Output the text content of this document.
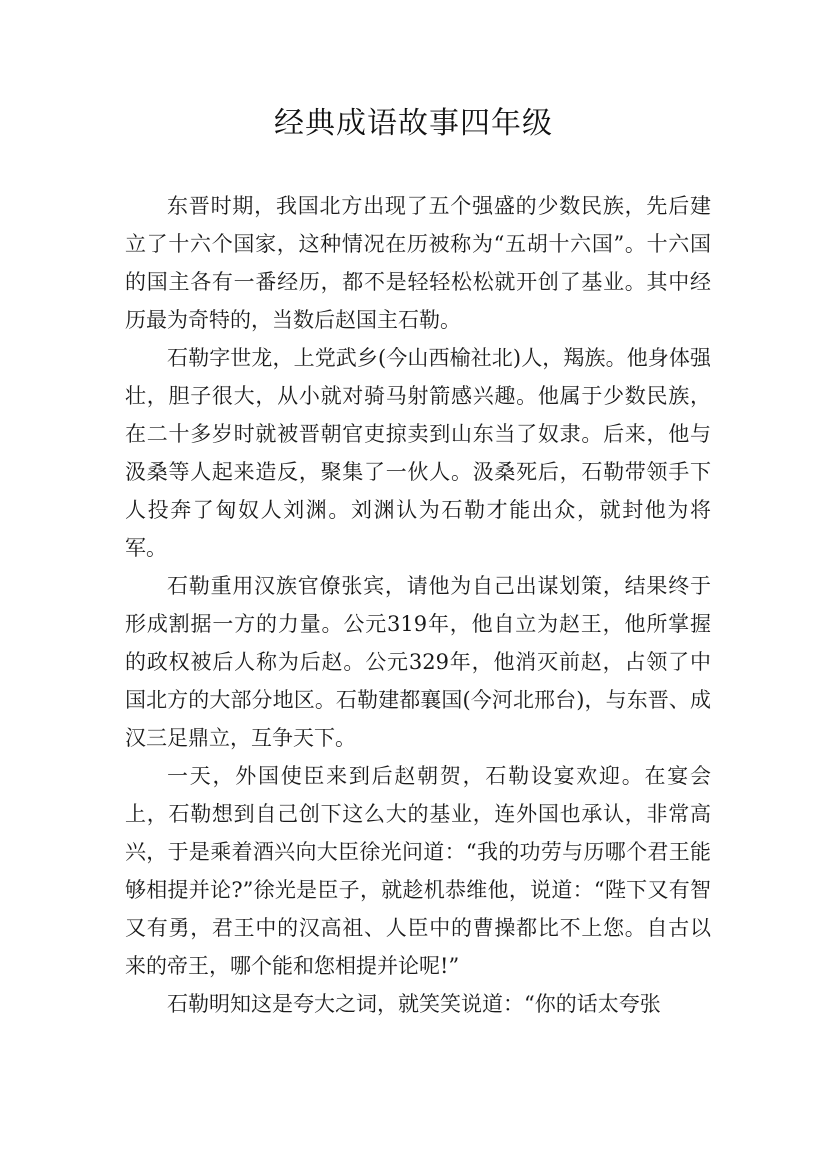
经典成语故事四年级

东晋时期，我国北方出现了五个强盛的少数民族，先后建立了十六个国家，这种情况在历被称为“五胡十六国”。十六国的国主各有一番经历，都不是轻轻松松就开创了基业。其中经历最为奇特的，当数后赵国主石勒。

石勒字世龙，上党武乡(今山西榆社北)人，羯族。他身体强壮，胆子很大，从小就对骑马射箭感兴趣。他属于少数民族，在二十多岁时就被晋朝官吏掠卖到山东当了奴隶。后来，他与汲桑等人起来造反，聚集了一伙人。汲桑死后，石勒带领手下人投奔了匈奴人刘渊。刘渊认为石勒才能出众，就封他为将军。

石勒重用汉族官僚张宾，请他为自己出谋划策，结果终于形成割据一方的力量。公元319年，他自立为赵王，他所掌握的政权被后人称为后赵。公元329年，他消灭前赵，占领了中国北方的大部分地区。石勒建都襄国(今河北邢台)，与东晋、成汉三足鼎立，互争天下。

一天，外国使臣来到后赵朝贺，石勒设宴欢迎。在宴会上，石勒想到自己创下这么大的基业，连外国也承认，非常高兴，于是乘着酒兴向大臣徐光问道：“我的功劳与历哪个君王能够相提并论?”徐光是臣子，就趁机恭维他，说道：“陛下又有智又有勇，君王中的汉高祖、人臣中的曹操都比不上您。自古以来的帝王，哪个能和您相提并论呢!”

石勒明知这是夸大之词，就笑笑说道：“你的话太夸张
